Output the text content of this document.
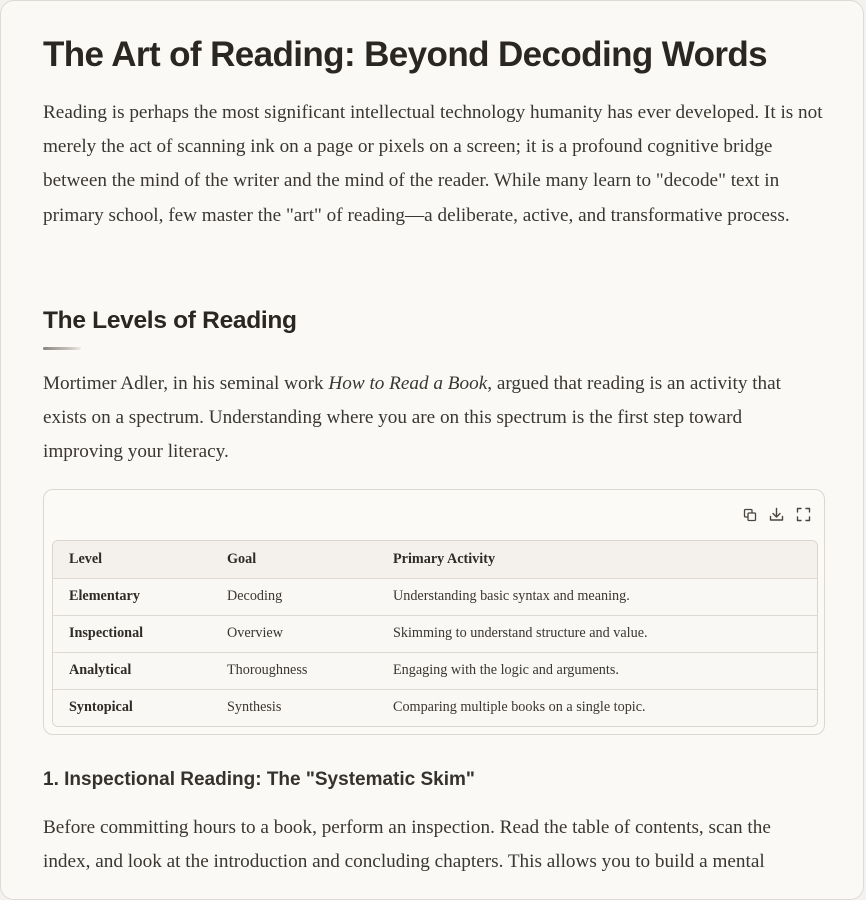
The Art of Reading: Beyond Decoding Words

Reading is perhaps the most significant intellectual technology humanity has ever developed. It is not merely the act of scanning ink on a page or pixels on a screen; it is a profound cognitive bridge between the mind of the writer and the mind of the reader. While many learn to "decode" text in primary school, few master the "art" of reading—a deliberate, active, and transformative process.

The Levels of Reading

Mortimer Adler, in his seminal work How to Read a Book, argued that reading is an activity that exists on a spectrum. Understanding where you are on this spectrum is the first step toward improving your literacy.

1. Inspectional Reading: The "Systematic Skim"

Before committing hours to a book, perform an inspection. Read the table of contents, scan the index, and look at the introduction and concluding chapters. This allows you to build a mental

Level	Goal	Primary Activity
Elementary	Decoding	Understanding basic syntax and meaning.
Inspectional	Overview	Skimming to understand structure and value.
Analytical	Thoroughness	Engaging with the logic and arguments.
Syntopical	Synthesis	Comparing multiple books on a single topic.
